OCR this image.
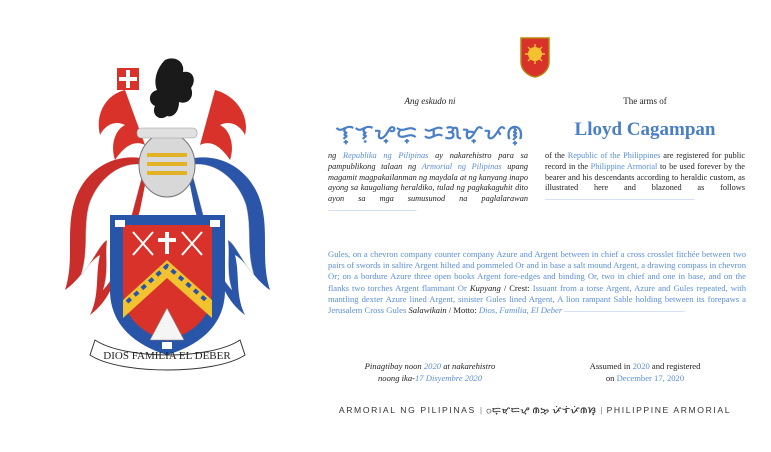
DIOS FAMILIA EL DEBER
Ang eskudo ni	The arms of
ᜎ᜔ᜎᜓᜌ᜔ᜇ᜔ ᜃᜄᜋ᜔ᜉᜈ᜔	Lloyd Cagampan
ng Republika ng Pilipinas ay nakarehistro para sa pampublikong talaan ng Armorial ng Pilipinas upang magamit magpakailanman ng maydala at ng kanyang inapo ayong sa kaugaliang heraldiko, tulad ng pagkakaguhit dito ayon sa mga sumusunod na paglalarawan ————————————
of the Republic of the Philippines are registered for public record in the Philippine Armorial to be used forever by the bearer and his descendants according to heraldic custom, as illustrated here and blazoned as follows——————————————————
Gules, on a chevron company counter company Azure and Argent between in chief a cross crosslet fitchée between two pairs of swords in saltire Argent hilted and pommeled Or and in base a salt mound Argent, a drawing compass in chevron Or; on a bordure Azure three open books Argent fore-edges and binding Or, two in chief and one in base, and on the flanks two torches Argent flammant Or Kupyang / Crest: Issuant from a torse Argent, Azure and Gules repeated, with mantling dexter Azure lined Argent, sinister Gules lined Argent, A lion rampant Sable holding between its forepaws a Jerusalem Cross Gules Salawikain / Motto: Dios, Familia, El Deber ——————————————
Pinagtibay noon 2020 at nakarehistro
noong ika-17 Disyembre 2020
Assumed in 2020 and registered
on December 17, 2020
ARMORIAL NG PILIPINAS | ᜀᜇ᜔ᜋᜓᜇᜌ᜔ ᜈᜅ᜔ ᜉᜒᜎᜒᜉᜒᜈᜐ᜔ | PHILIPPINE ARMORIAL
